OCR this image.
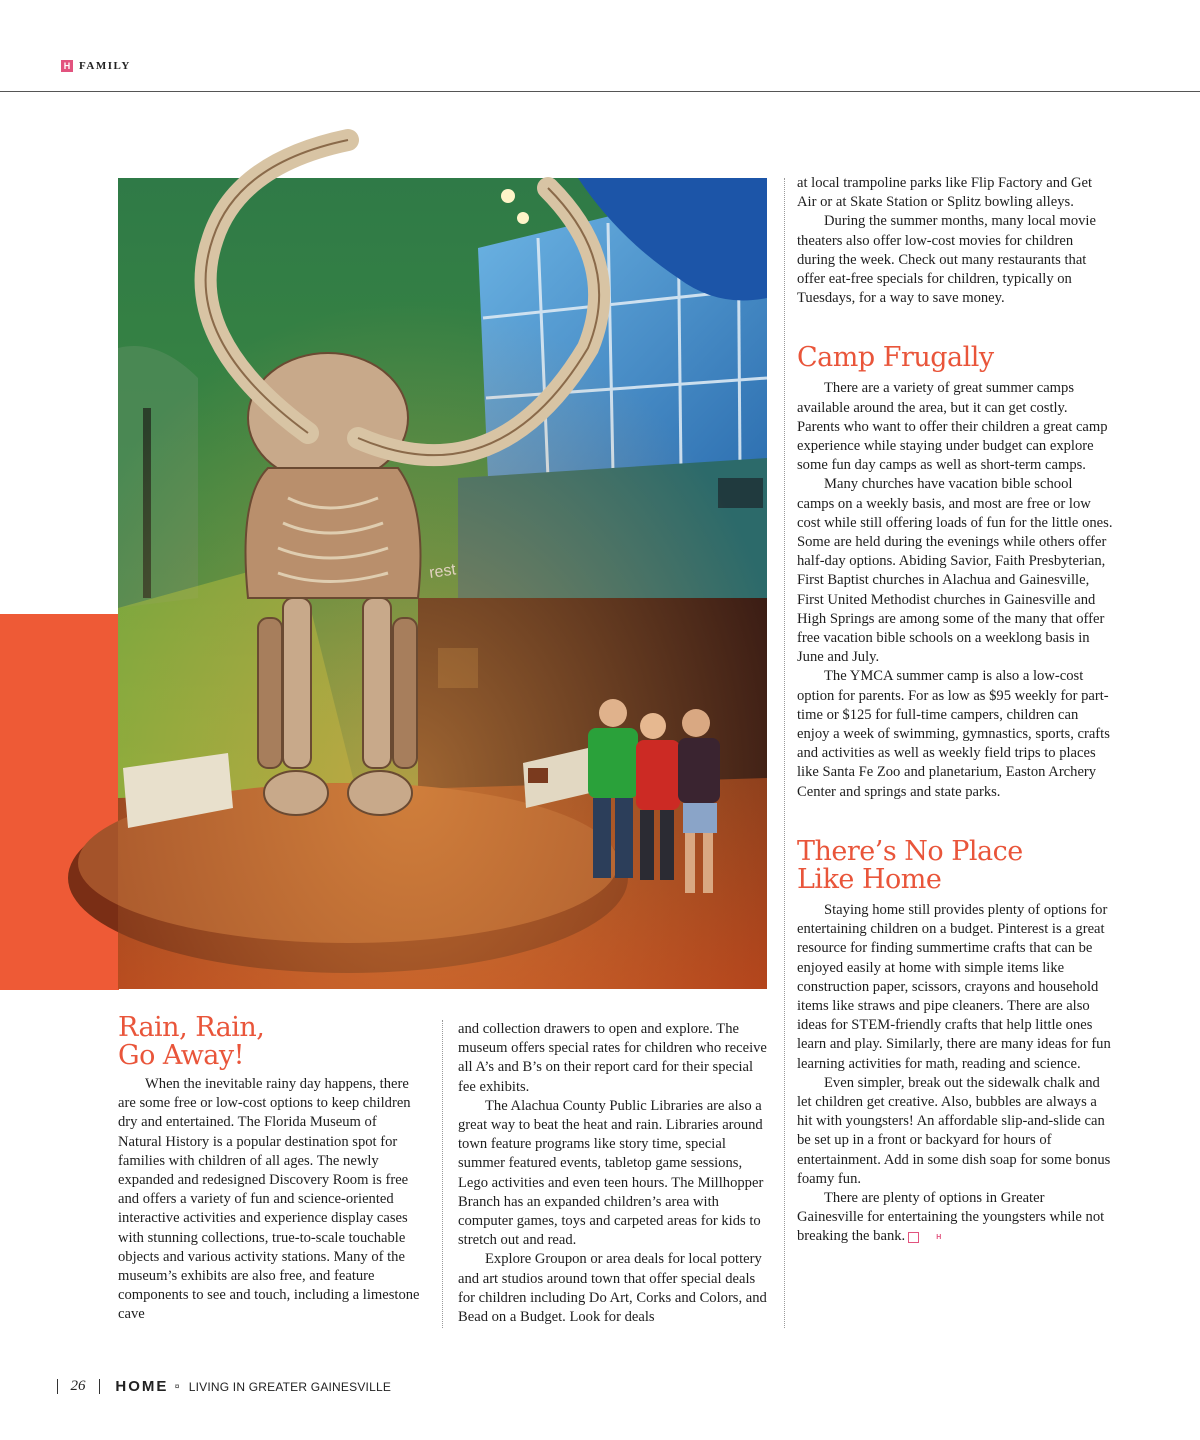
H FAMILY
Rain, Rain,
Go Away!

When the inevitable rainy day happens, there are some free or low-cost options to keep children dry and entertained. The Florida Museum of Natural History is a popular destination spot for families with children of all ages. The newly expanded and redesigned Discovery Room is free and offers a variety of fun and science-oriented interactive activities and experience display cases with stunning collections, true-to-scale touchable objects and various activity stations. Many of the museum’s exhibits are also free, and feature components to see and touch, including a limestone cave

and collection drawers to open and explore. The museum offers special rates for children who receive all A’s and B’s on their report card for their special fee exhibits.

The Alachua County Public Libraries are also a great way to beat the heat and rain. Libraries around town feature programs like story time, special summer featured events, tabletop game sessions, Lego activities and even teen hours. The Millhopper Branch has an expanded children’s area with computer games, toys and carpeted areas for kids to stretch out and read.

Explore Groupon or area deals for local pottery and art studios around town that offer special deals for children including Do Art, Corks and Colors, and Bead on a Budget. Look for deals

at local trampoline parks like Flip Factory and Get Air or at Skate Station or Splitz bowling alleys.

During the summer months, many local movie theaters also offer low-cost movies for children during the week. Check out many restaurants that offer eat-free specials for children, typically on Tuesdays, for a way to save money.

Camp Frugally

There are a variety of great summer camps available around the area, but it can get costly. Parents who want to offer their children a great camp experience while staying under budget can explore some fun day camps as well as short-term camps.

Many churches have vacation bible school camps on a weekly basis, and most are free or low cost while still offering loads of fun for the little ones. Some are held during the evenings while others offer half-day options. Abiding Savior, Faith Presbyterian, First Baptist churches in Alachua and Gainesville, First United Methodist churches in Gainesville and High Springs are among some of the many that offer free vacation bible schools on a weeklong basis in June and July.

The YMCA summer camp is also a low-cost option for parents. For as low as $95 weekly for part-time or $125 for full-time campers, children can enjoy a week of swimming, gymnastics, sports, crafts and activities as well as weekly field trips to places like Santa Fe Zoo and planetarium, Easton Archery Center and springs and state parks.

There’s No Place
Like Home

Staying home still provides plenty of options for entertaining children on a budget. Pinterest is a great resource for finding summertime crafts that can be enjoyed easily at home with simple items like construction paper, scissors, crayons and household items like straws and pipe cleaners. There are also ideas for STEM-friendly crafts that help little ones learn and play. Similarly, there are many ideas for fun learning activities for math, reading and science.

Even simpler, break out the sidewalk chalk and let children get creative. Also, bubbles are always a hit with youngsters! An affordable slip-and-slide can be set up in a front or backyard for hours of entertainment. Add in some dish soap for some bonus foamy fun.

There are plenty of options in Greater Gainesville for entertaining the youngsters while not breaking the bank.	H

26 HOME ¤ LIVING IN GREATER GAINESVILLE
